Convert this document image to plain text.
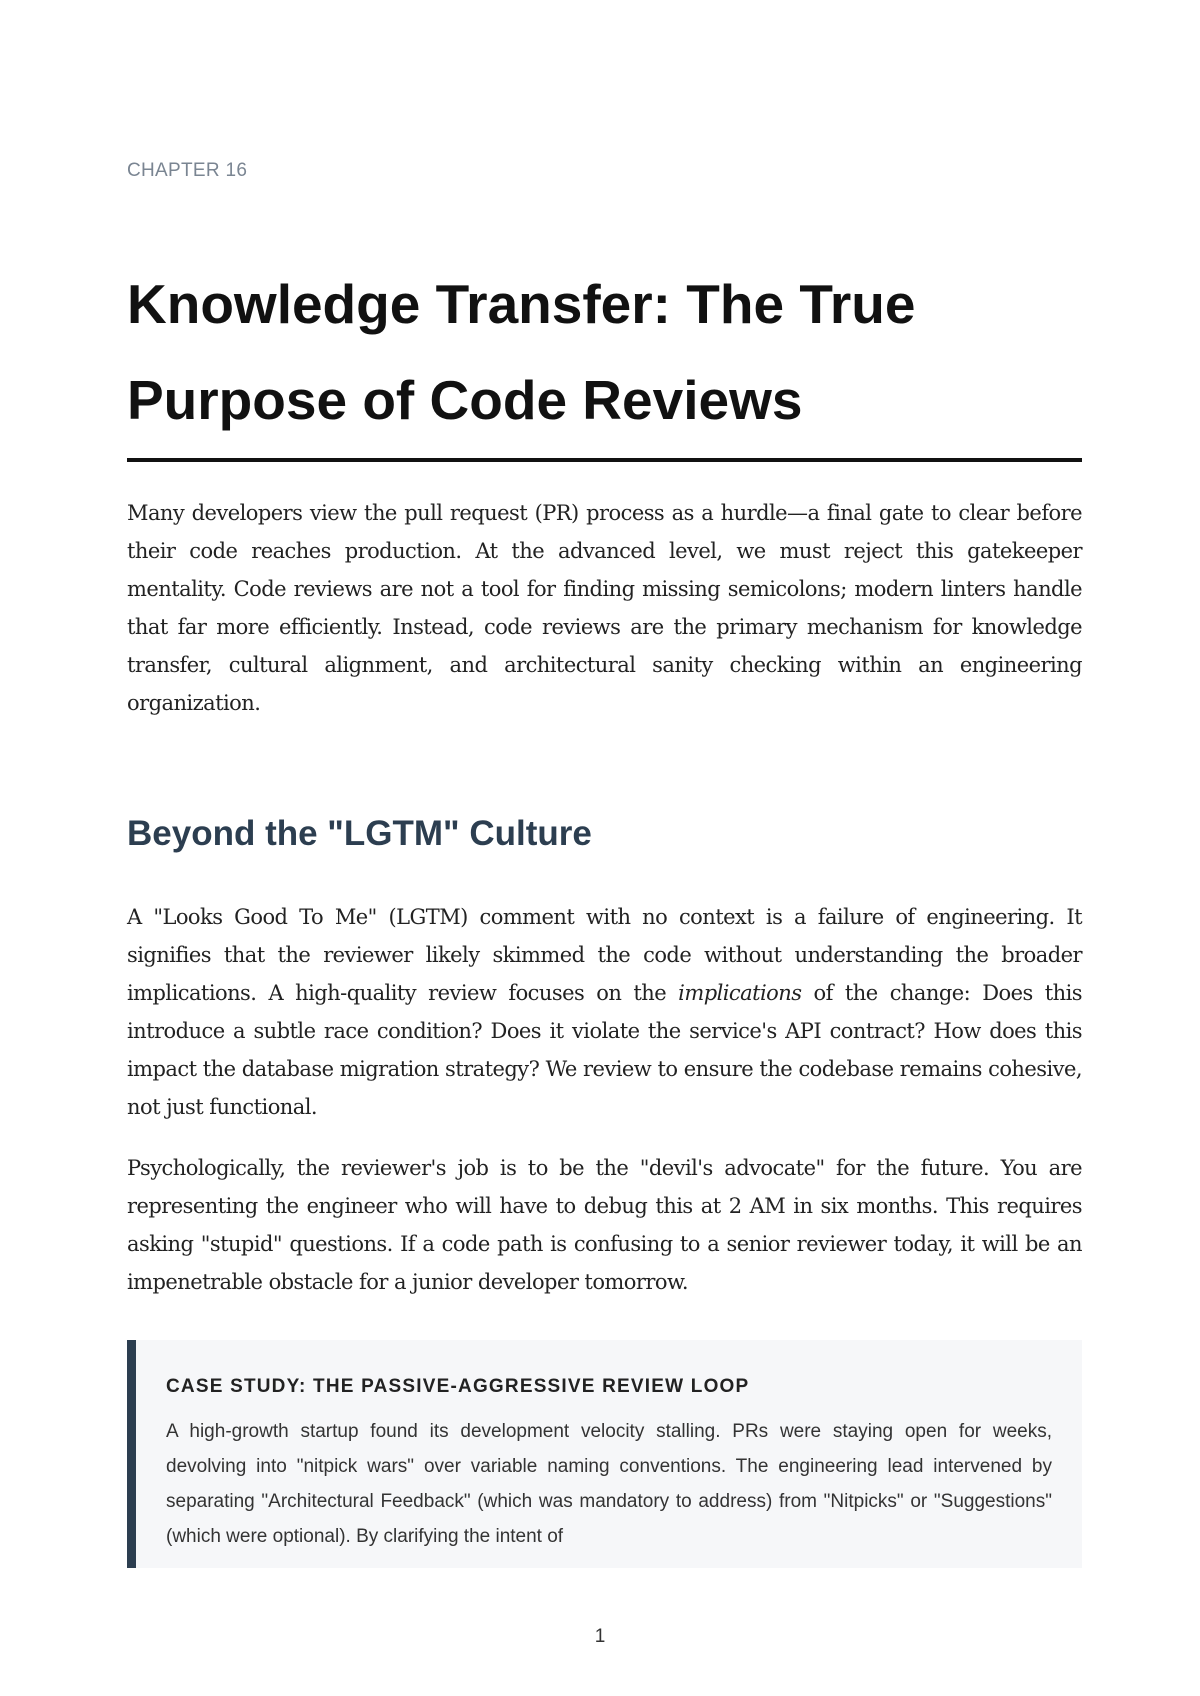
CHAPTER 16
Knowledge Transfer: The True Purpose of Code Reviews

Many developers view the pull request (PR) process as a hurdle—a final gate to clear before their code reaches production. At the advanced level, we must reject this gatekeeper mentality. Code reviews are not a tool for finding missing semicolons; modern linters handle that far more efficiently. Instead, code reviews are the primary mechanism for knowledge transfer, cultural alignment, and architectural sanity checking within an engineering organization.

Beyond the "LGTM" Culture

A "Looks Good To Me" (LGTM) comment with no context is a failure of engineering. It signifies that the reviewer likely skimmed the code without understanding the broader implications. A high-quality review focuses on the implications of the change: Does this introduce a subtle race condition? Does it violate the service's API contract? How does this impact the database migration strategy? We review to ensure the codebase remains cohesive, not just functional.

Psychologically, the reviewer's job is to be the "devil's advocate" for the future. You are representing the engineer who will have to debug this at 2 AM in six months. This requires asking "stupid" questions. If a code path is confusing to a senior reviewer today, it will be an impenetrable obstacle for a junior developer tomorrow.

CASE STUDY: THE PASSIVE-AGGRESSIVE REVIEW LOOP

A high-growth startup found its development velocity stalling. PRs were staying open for weeks, devolving into "nitpick wars" over variable naming conventions. The engineering lead intervened by separating "Architectural Feedback" (which was mandatory to address) from "Nitpicks" or "Suggestions" (which were optional). By clarifying the intent of

1
